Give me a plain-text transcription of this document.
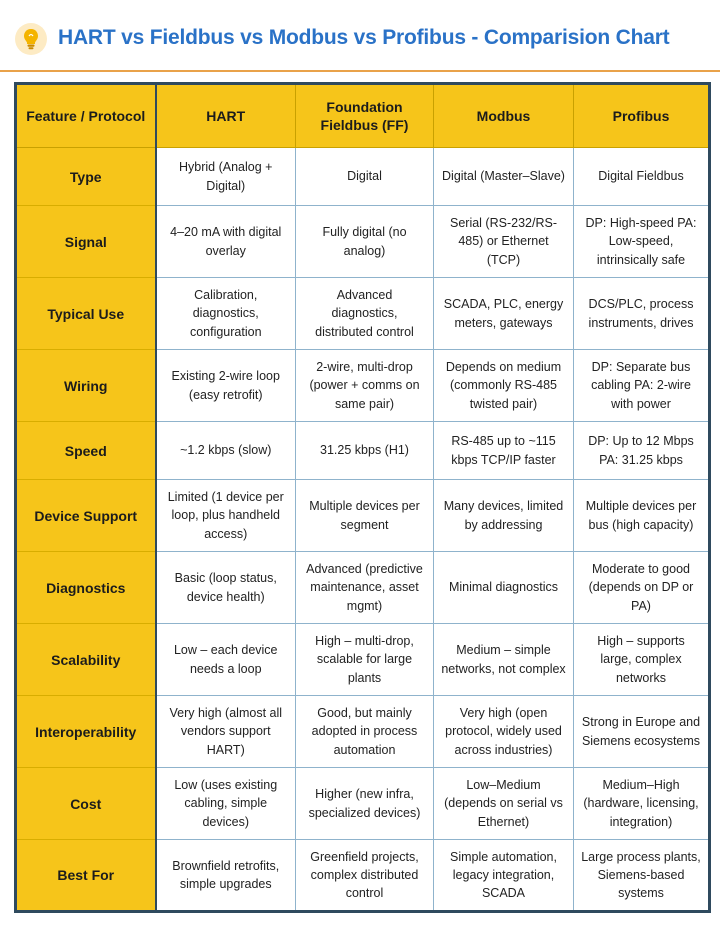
HART vs Fieldbus vs Modbus vs Profibus - Comparision Chart
Feature / Protocol	HART	Foundation Fieldbus (FF)	Modbus	Profibus
Type	Hybrid (Analog + Digital)	Digital	Digital (Master–Slave)	Digital Fieldbus
Signal	4–20 mA with digital overlay	Fully digital (no analog)	Serial (RS-232/RS-485) or Ethernet (TCP)	DP: High-speed PA: Low-speed, intrinsically safe
Typical Use	Calibration, diagnostics, configuration	Advanced diagnostics, distributed control	SCADA, PLC, energy meters, gateways	DCS/PLC, process instruments, drives
Wiring	Existing 2-wire loop (easy retrofit)	2-wire, multi-drop (power + comms on same pair)	Depends on medium (commonly RS-485 twisted pair)	DP: Separate bus cabling PA: 2-wire with power
Speed	~1.2 kbps (slow)	31.25 kbps (H1)	RS-485 up to ~115 kbps TCP/IP faster	DP: Up to 12 Mbps PA: 31.25 kbps
Device Support	Limited (1 device per loop, plus handheld access)	Multiple devices per segment	Many devices, limited by addressing	Multiple devices per bus (high capacity)
Diagnostics	Basic (loop status, device health)	Advanced (predictive maintenance, asset mgmt)	Minimal diagnostics	Moderate to good (depends on DP or PA)
Scalability	Low – each device needs a loop	High – multi-drop, scalable for large plants	Medium – simple networks, not complex	High – supports large, complex networks
Interoperability	Very high (almost all vendors support HART)	Good, but mainly adopted in process automation	Very high (open protocol, widely used across industries)	Strong in Europe and Siemens ecosystems
Cost	Low (uses existing cabling, simple devices)	Higher (new infra, specialized devices)	Low–Medium (depends on serial vs Ethernet)	Medium–High (hardware, licensing, integration)
Best For	Brownfield retrofits, simple upgrades	Greenfield projects, complex distributed control	Simple automation, legacy integration, SCADA	Large process plants, Siemens-based systems
